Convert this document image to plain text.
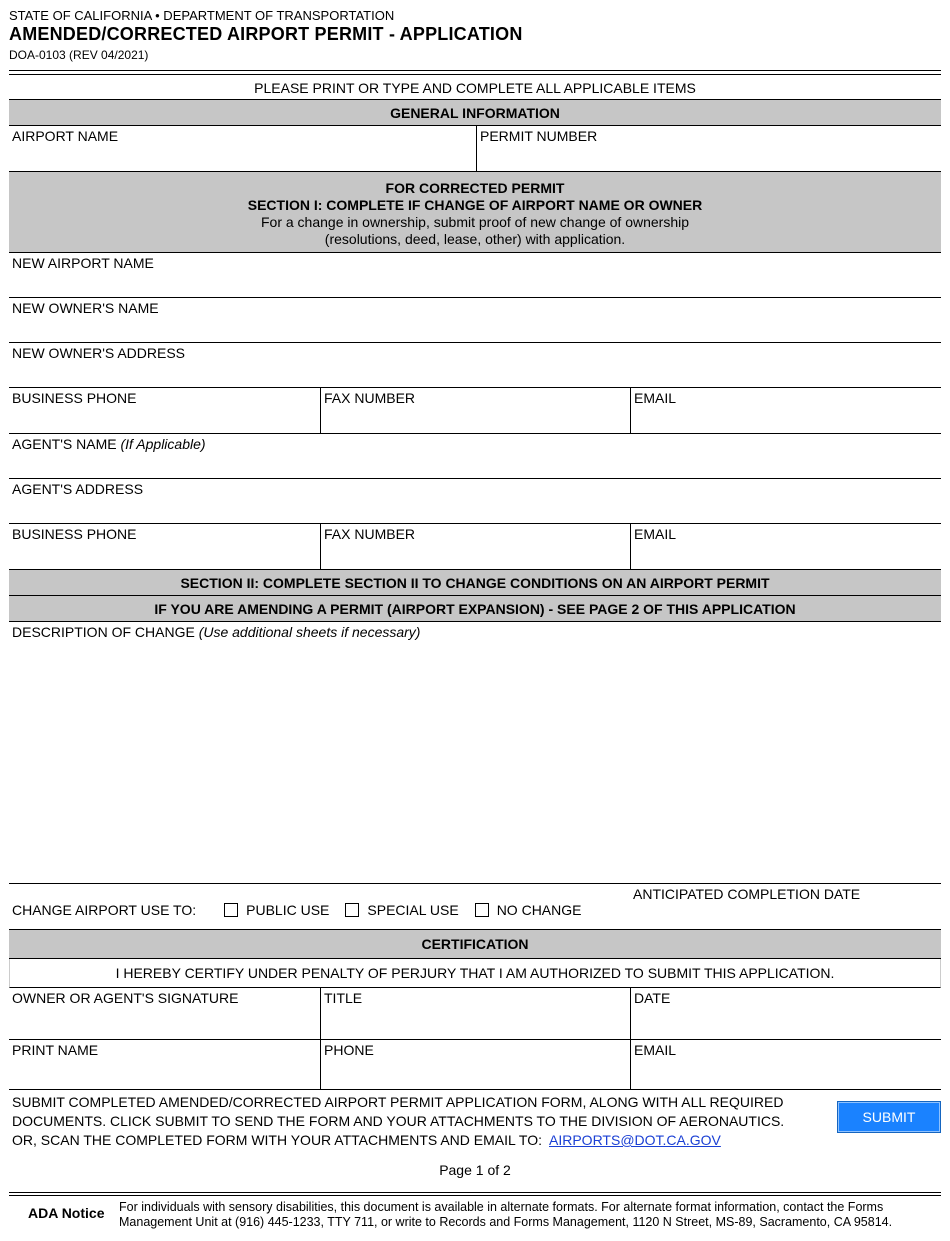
STATE OF CALIFORNIA • DEPARTMENT OF TRANSPORTATION
AMENDED/CORRECTED AIRPORT PERMIT - APPLICATION
DOA-0103 (REV 04/2021)
PLEASE PRINT OR TYPE AND COMPLETE ALL APPLICABLE ITEMS
GENERAL INFORMATION
AIRPORT NAME	PERMIT NUMBER
FOR CORRECTED PERMIT
SECTION I: COMPLETE IF CHANGE OF AIRPORT NAME OR OWNER
For a change in ownership, submit proof of new change of ownership
(resolutions, deed, lease, other) with application.
NEW AIRPORT NAME
NEW OWNER'S NAME
NEW OWNER'S ADDRESS
BUSINESS PHONE	FAX NUMBER	EMAIL
AGENT'S NAME (If Applicable)
AGENT'S ADDRESS
BUSINESS PHONE	FAX NUMBER	EMAIL
SECTION II: COMPLETE SECTION II TO CHANGE CONDITIONS ON AN AIRPORT PERMIT
IF YOU ARE AMENDING A PERMIT (AIRPORT EXPANSION) - SEE PAGE 2 OF THIS APPLICATION
DESCRIPTION OF CHANGE (Use additional sheets if necessary)
CHANGE AIRPORT USE TO:	PUBLIC USE	SPECIAL USE	NO CHANGE
ANTICIPATED COMPLETION DATE
CERTIFICATION
I HEREBY CERTIFY UNDER PENALTY OF PERJURY THAT I AM AUTHORIZED TO SUBMIT THIS APPLICATION.
OWNER OR AGENT'S SIGNATURE	TITLE	DATE
PRINT NAME	PHONE	EMAIL
SUBMIT COMPLETED AMENDED/CORRECTED AIRPORT PERMIT APPLICATION FORM, ALONG WITH ALL REQUIRED
DOCUMENTS. CLICK SUBMIT TO SEND THE FORM AND YOUR ATTACHMENTS TO THE DIVISION OF AERONAUTICS.
OR, SCAN THE COMPLETED FORM WITH YOUR ATTACHMENTS AND EMAIL TO: AIRPORTS@DOT.CA.GOV
SUBMIT
Page 1 of 2
ADA Notice For individuals with sensory disabilities, this document is available in alternate formats. For alternate format information, contact the Forms Management Unit at (916) 445-1233, TTY 711, or write to Records and Forms Management, 1120 N Street, MS-89, Sacramento, CA 95814.
